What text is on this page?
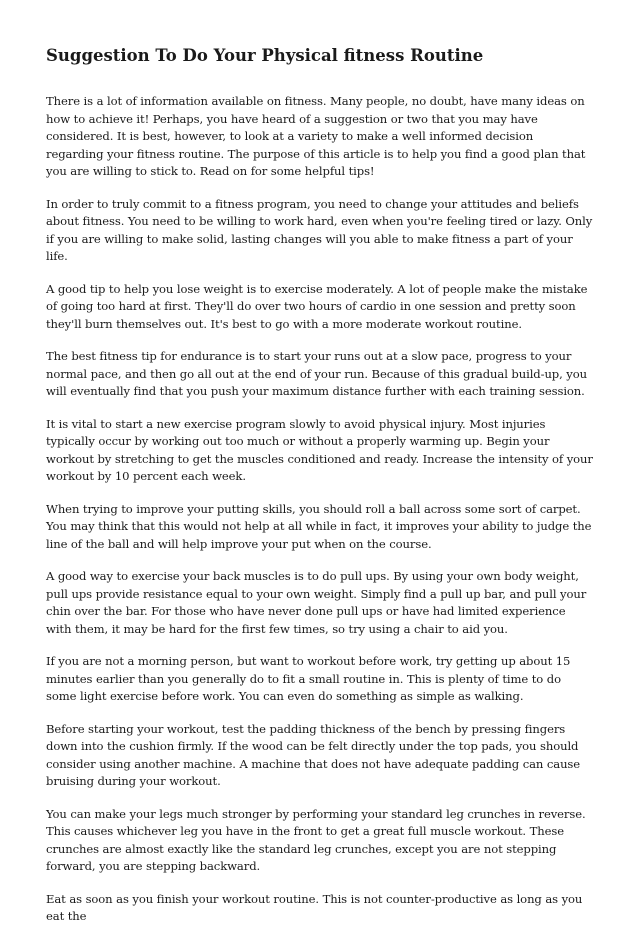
Suggestion To Do Your Physical fitness Routine

There is a lot of information available on fitness. Many people, no doubt, have many ideas on how to achieve it! Perhaps, you have heard of a suggestion or two that you may have considered. It is best, however, to look at a variety to make a well informed decision regarding your fitness routine. The purpose of this article is to help you find a good plan that you are willing to stick to. Read on for some helpful tips!

In order to truly commit to a fitness program, you need to change your attitudes and beliefs about fitness. You need to be willing to work hard, even when you're feeling tired or lazy. Only if you are willing to make solid, lasting changes will you able to make fitness a part of your life.

A good tip to help you lose weight is to exercise moderately. A lot of people make the mistake of going too hard at first. They'll do over two hours of cardio in one session and pretty soon they'll burn themselves out. It's best to go with a more moderate workout routine.

The best fitness tip for endurance is to start your runs out at a slow pace, progress to your normal pace, and then go all out at the end of your run. Because of this gradual build-up, you will eventually find that you push your maximum distance further with each training session.

It is vital to start a new exercise program slowly to avoid physical injury. Most injuries typically occur by working out too much or without a properly warming up. Begin your workout by stretching to get the muscles conditioned and ready. Increase the intensity of your workout by 10 percent each week.

When trying to improve your putting skills, you should roll a ball across some sort of carpet. You may think that this would not help at all while in fact, it improves your ability to judge the line of the ball and will help improve your put when on the course.

A good way to exercise your back muscles is to do pull ups. By using your own body weight, pull ups provide resistance equal to your own weight. Simply find a pull up bar, and pull your chin over the bar. For those who have never done pull ups or have had limited experience with them, it may be hard for the first few times, so try using a chair to aid you.

If you are not a morning person, but want to workout before work, try getting up about 15 minutes earlier than you generally do to fit a small routine in. This is plenty of time to do some light exercise before work. You can even do something as simple as walking.

Before starting your workout, test the padding thickness of the bench by pressing fingers down into the cushion firmly. If the wood can be felt directly under the top pads, you should consider using another machine. A machine that does not have adequate padding can cause bruising during your workout.

You can make your legs much stronger by performing your standard leg crunches in reverse. This causes whichever leg you have in the front to get a great full muscle workout. These crunches are almost exactly like the standard leg crunches, except you are not stepping forward, you are stepping backward.

Eat as soon as you finish your workout routine. This is not counter-productive as long as you eat the
